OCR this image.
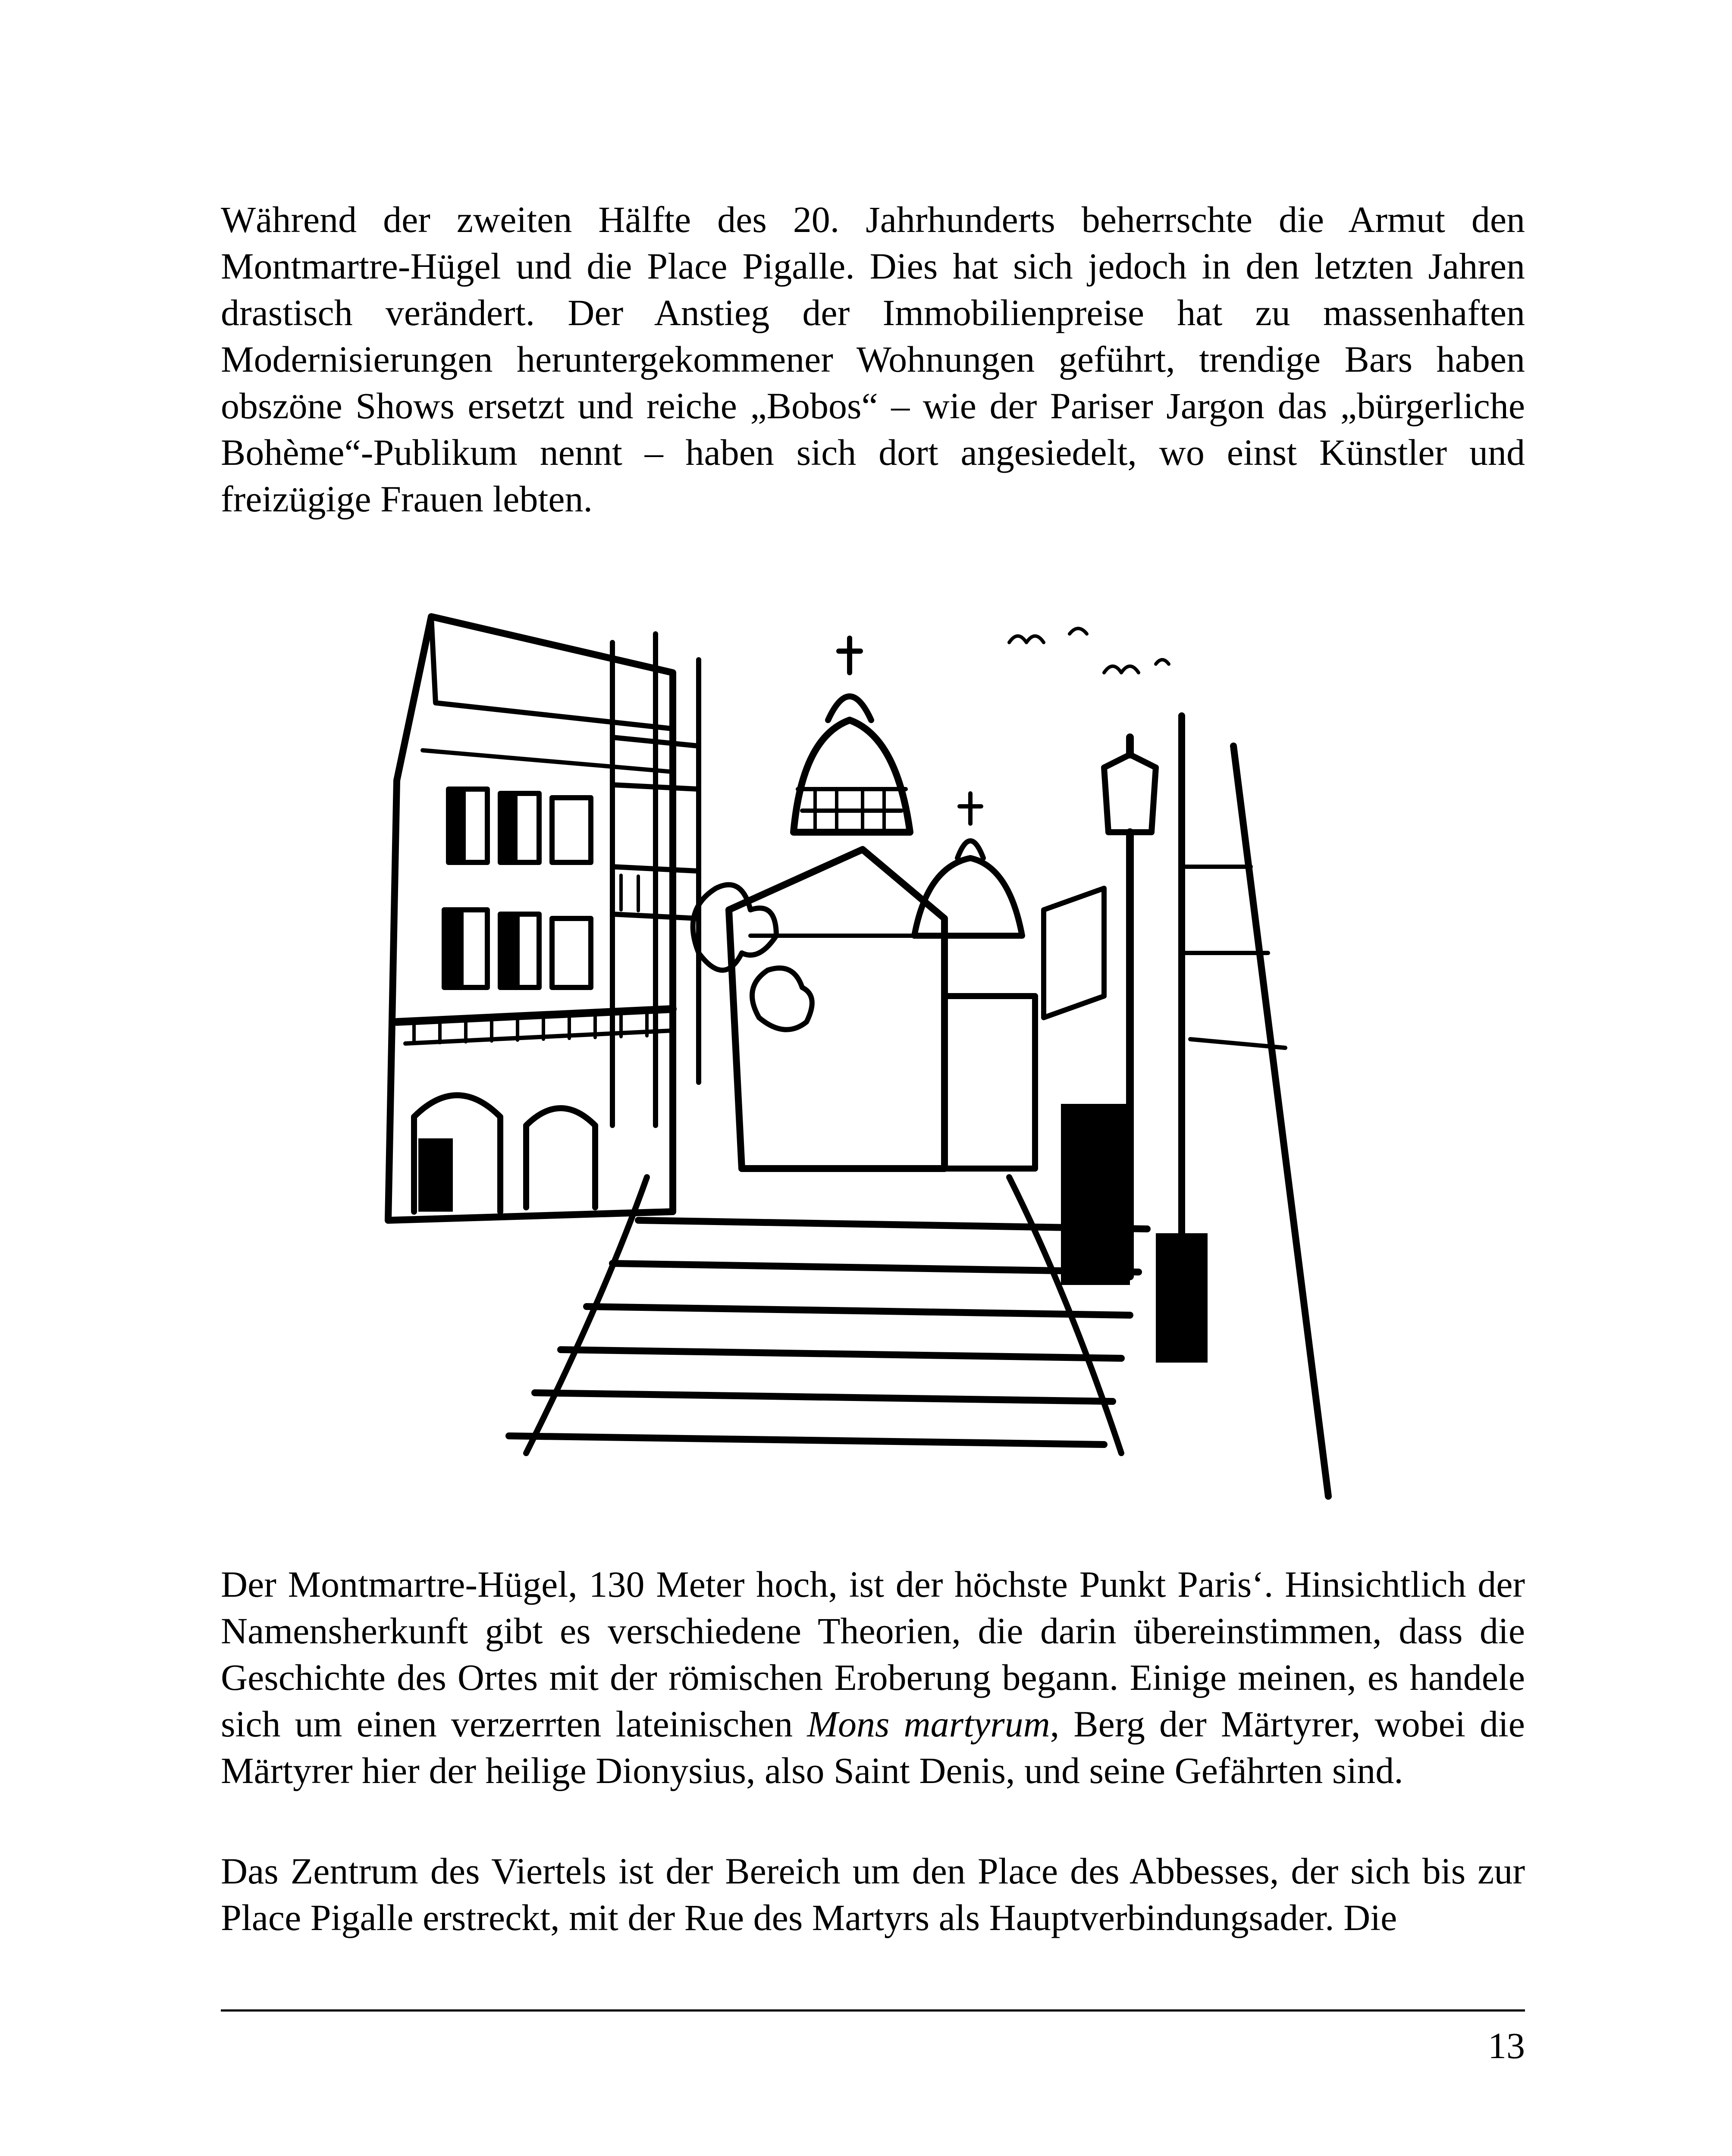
Während der zweiten Hälfte des 20. Jahrhunderts beherrschte die Armut den Montmartre-Hügel und die Place Pigalle. Dies hat sich jedoch in den letzten Jahren drastisch verändert. Der Anstieg der Immobilienpreise hat zu massenhaften Modernisierungen heruntergekommener Wohnungen geführt, trendige Bars haben obszöne Shows ersetzt und reiche „Bobos“ – wie der Pariser Jargon das „bürgerliche Bohème“-Publikum nennt – haben sich dort angesiedelt, wo einst Künstler und freizügige Frauen lebten.

Der Montmartre-Hügel, 130 Meter hoch, ist der höchste Punkt Paris‘. Hinsichtlich der Namensherkunft gibt es verschiedene Theorien, die darin übereinstimmen, dass die Geschichte des Ortes mit der römischen Eroberung begann. Einige meinen, es handele sich um einen verzerrten lateinischen Mons martyrum, Berg der Märtyrer, wobei die Märtyrer hier der heilige Dionysius, also Saint Denis, und seine Gefährten sind.

Das Zentrum des Viertels ist der Bereich um den Place des Abbesses, der sich bis zur Place Pigalle erstreckt, mit der Rue des Martyrs als Hauptverbindungsader. Die

13
